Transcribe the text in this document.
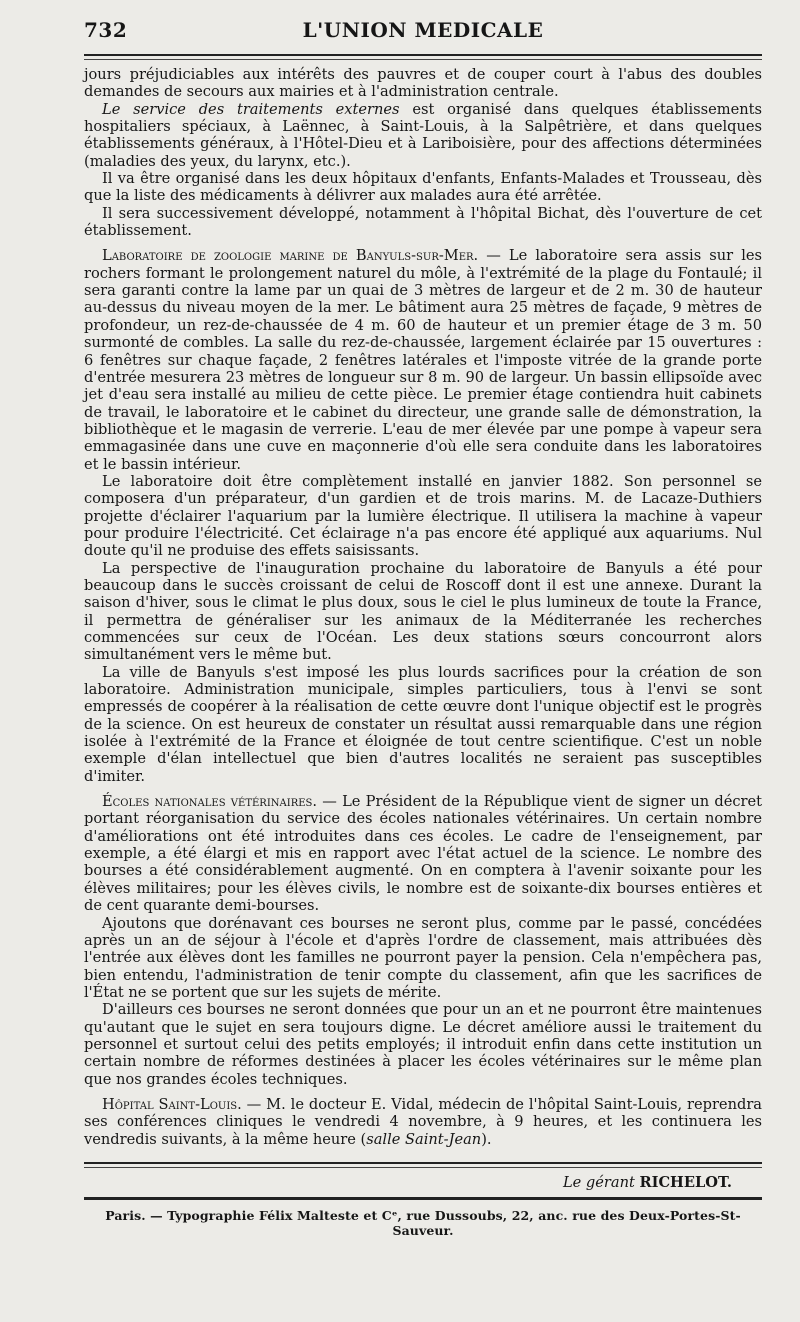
732	L'UNION MEDICALE

jours préjudiciables aux intérêts des pauvres et de couper court à l'abus des doubles demandes de secours aux mairies et à l'administration centrale.

Le service des traitements externes est organisé dans quelques établissements hospitaliers spéciaux, à Laënnec, à Saint-Louis, à la Salpêtrière, et dans quelques établissements généraux, à l'Hôtel-Dieu et à Lariboisière, pour des affections déterminées (maladies des yeux, du larynx, etc.).

Il va être organisé dans les deux hôpitaux d'enfants, Enfants-Malades et Trousseau, dès que la liste des médicaments à délivrer aux malades aura été arrêtée.

Il sera successivement développé, notamment à l'hôpital Bichat, dès l'ouverture de cet établissement.

Laboratoire de zoologie marine de Banyuls-sur-Mer. — Le laboratoire sera assis sur les rochers formant le prolongement naturel du môle, à l'extrémité de la plage du Fontaulé; il sera garanti contre la lame par un quai de 3 mètres de largeur et de 2 m. 30 de hauteur au-dessus du niveau moyen de la mer. Le bâtiment aura 25 mètres de façade, 9 mètres de profondeur, un rez-de-chaussée de 4 m. 60 de hauteur et un premier étage de 3 m. 50 surmonté de combles. La salle du rez-de-chaussée, largement éclairée par 15 ouvertures : 6 fenêtres sur chaque façade, 2 fenêtres latérales et l'imposte vitrée de la grande porte d'entrée mesurera 23 mètres de longueur sur 8 m. 90 de largeur. Un bassin ellipsoïde avec jet d'eau sera installé au milieu de cette pièce. Le premier étage contiendra huit cabinets de travail, le laboratoire et le cabinet du directeur, une grande salle de démonstration, la bibliothèque et le magasin de verrerie. L'eau de mer élevée par une pompe à vapeur sera emmagasinée dans une cuve en maçonnerie d'où elle sera conduite dans les laboratoires et le bassin intérieur.

Le laboratoire doit être complètement installé en janvier 1882. Son personnel se composera d'un préparateur, d'un gardien et de trois marins. M. de Lacaze-Duthiers projette d'éclairer l'aquarium par la lumière électrique. Il utilisera la machine à vapeur pour produire l'électricité. Cet éclairage n'a pas encore été appliqué aux aquariums. Nul doute qu'il ne produise des effets saisissants.

La perspective de l'inauguration prochaine du laboratoire de Banyuls a été pour beaucoup dans le succès croissant de celui de Roscoff dont il est une annexe. Durant la saison d'hiver, sous le climat le plus doux, sous le ciel le plus lumineux de toute la France, il permettra de généraliser sur les animaux de la Méditerranée les recherches commencées sur ceux de l'Océan. Les deux stations sœurs concourront alors simultanément vers le même but.

La ville de Banyuls s'est imposé les plus lourds sacrifices pour la création de son laboratoire. Administration municipale, simples particuliers, tous à l'envi se sont empressés de coopérer à la réalisation de cette œuvre dont l'unique objectif est le progrès de la science. On est heureux de constater un résultat aussi remarquable dans une région isolée à l'extrémité de la France et éloignée de tout centre scientifique. C'est un noble exemple d'élan intellectuel que bien d'autres localités ne seraient pas susceptibles d'imiter.

Écoles nationales vétérinaires. — Le Président de la République vient de signer un décret portant réorganisation du service des écoles nationales vétérinaires. Un certain nombre d'améliorations ont été introduites dans ces écoles. Le cadre de l'enseignement, par exemple, a été élargi et mis en rapport avec l'état actuel de la science. Le nombre des bourses a été considérablement augmenté. On en comptera à l'avenir soixante pour les élèves militaires; pour les élèves civils, le nombre est de soixante-dix bourses entières et de cent quarante demi-bourses.

Ajoutons que dorénavant ces bourses ne seront plus, comme par le passé, concédées après un an de séjour à l'école et d'après l'ordre de classement, mais attribuées dès l'entrée aux élèves dont les familles ne pourront payer la pension. Cela n'empêchera pas, bien entendu, l'administration de tenir compte du classement, afin que les sacrifices de l'État ne se portent que sur les sujets de mérite.

D'ailleurs ces bourses ne seront données que pour un an et ne pourront être maintenues qu'autant que le sujet en sera toujours digne. Le décret améliore aussi le traitement du personnel et surtout celui des petits employés; il introduit enfin dans cette institution un certain nombre de réformes destinées à placer les écoles vétérinaires sur le même plan que nos grandes écoles techniques.

Hôpital Saint-Louis. — M. le docteur E. Vidal, médecin de l'hôpital Saint-Louis, reprendra ses conférences cliniques le vendredi 4 novembre, à 9 heures, et les continuera les vendredis suivants, à la même heure (salle Saint-Jean).

Le gérant RICHELOT.
Paris. — Typographie Félix Malteste et Cᵉ, rue Dussoubs, 22, anc. rue des Deux-Portes-St-Sauveur.
